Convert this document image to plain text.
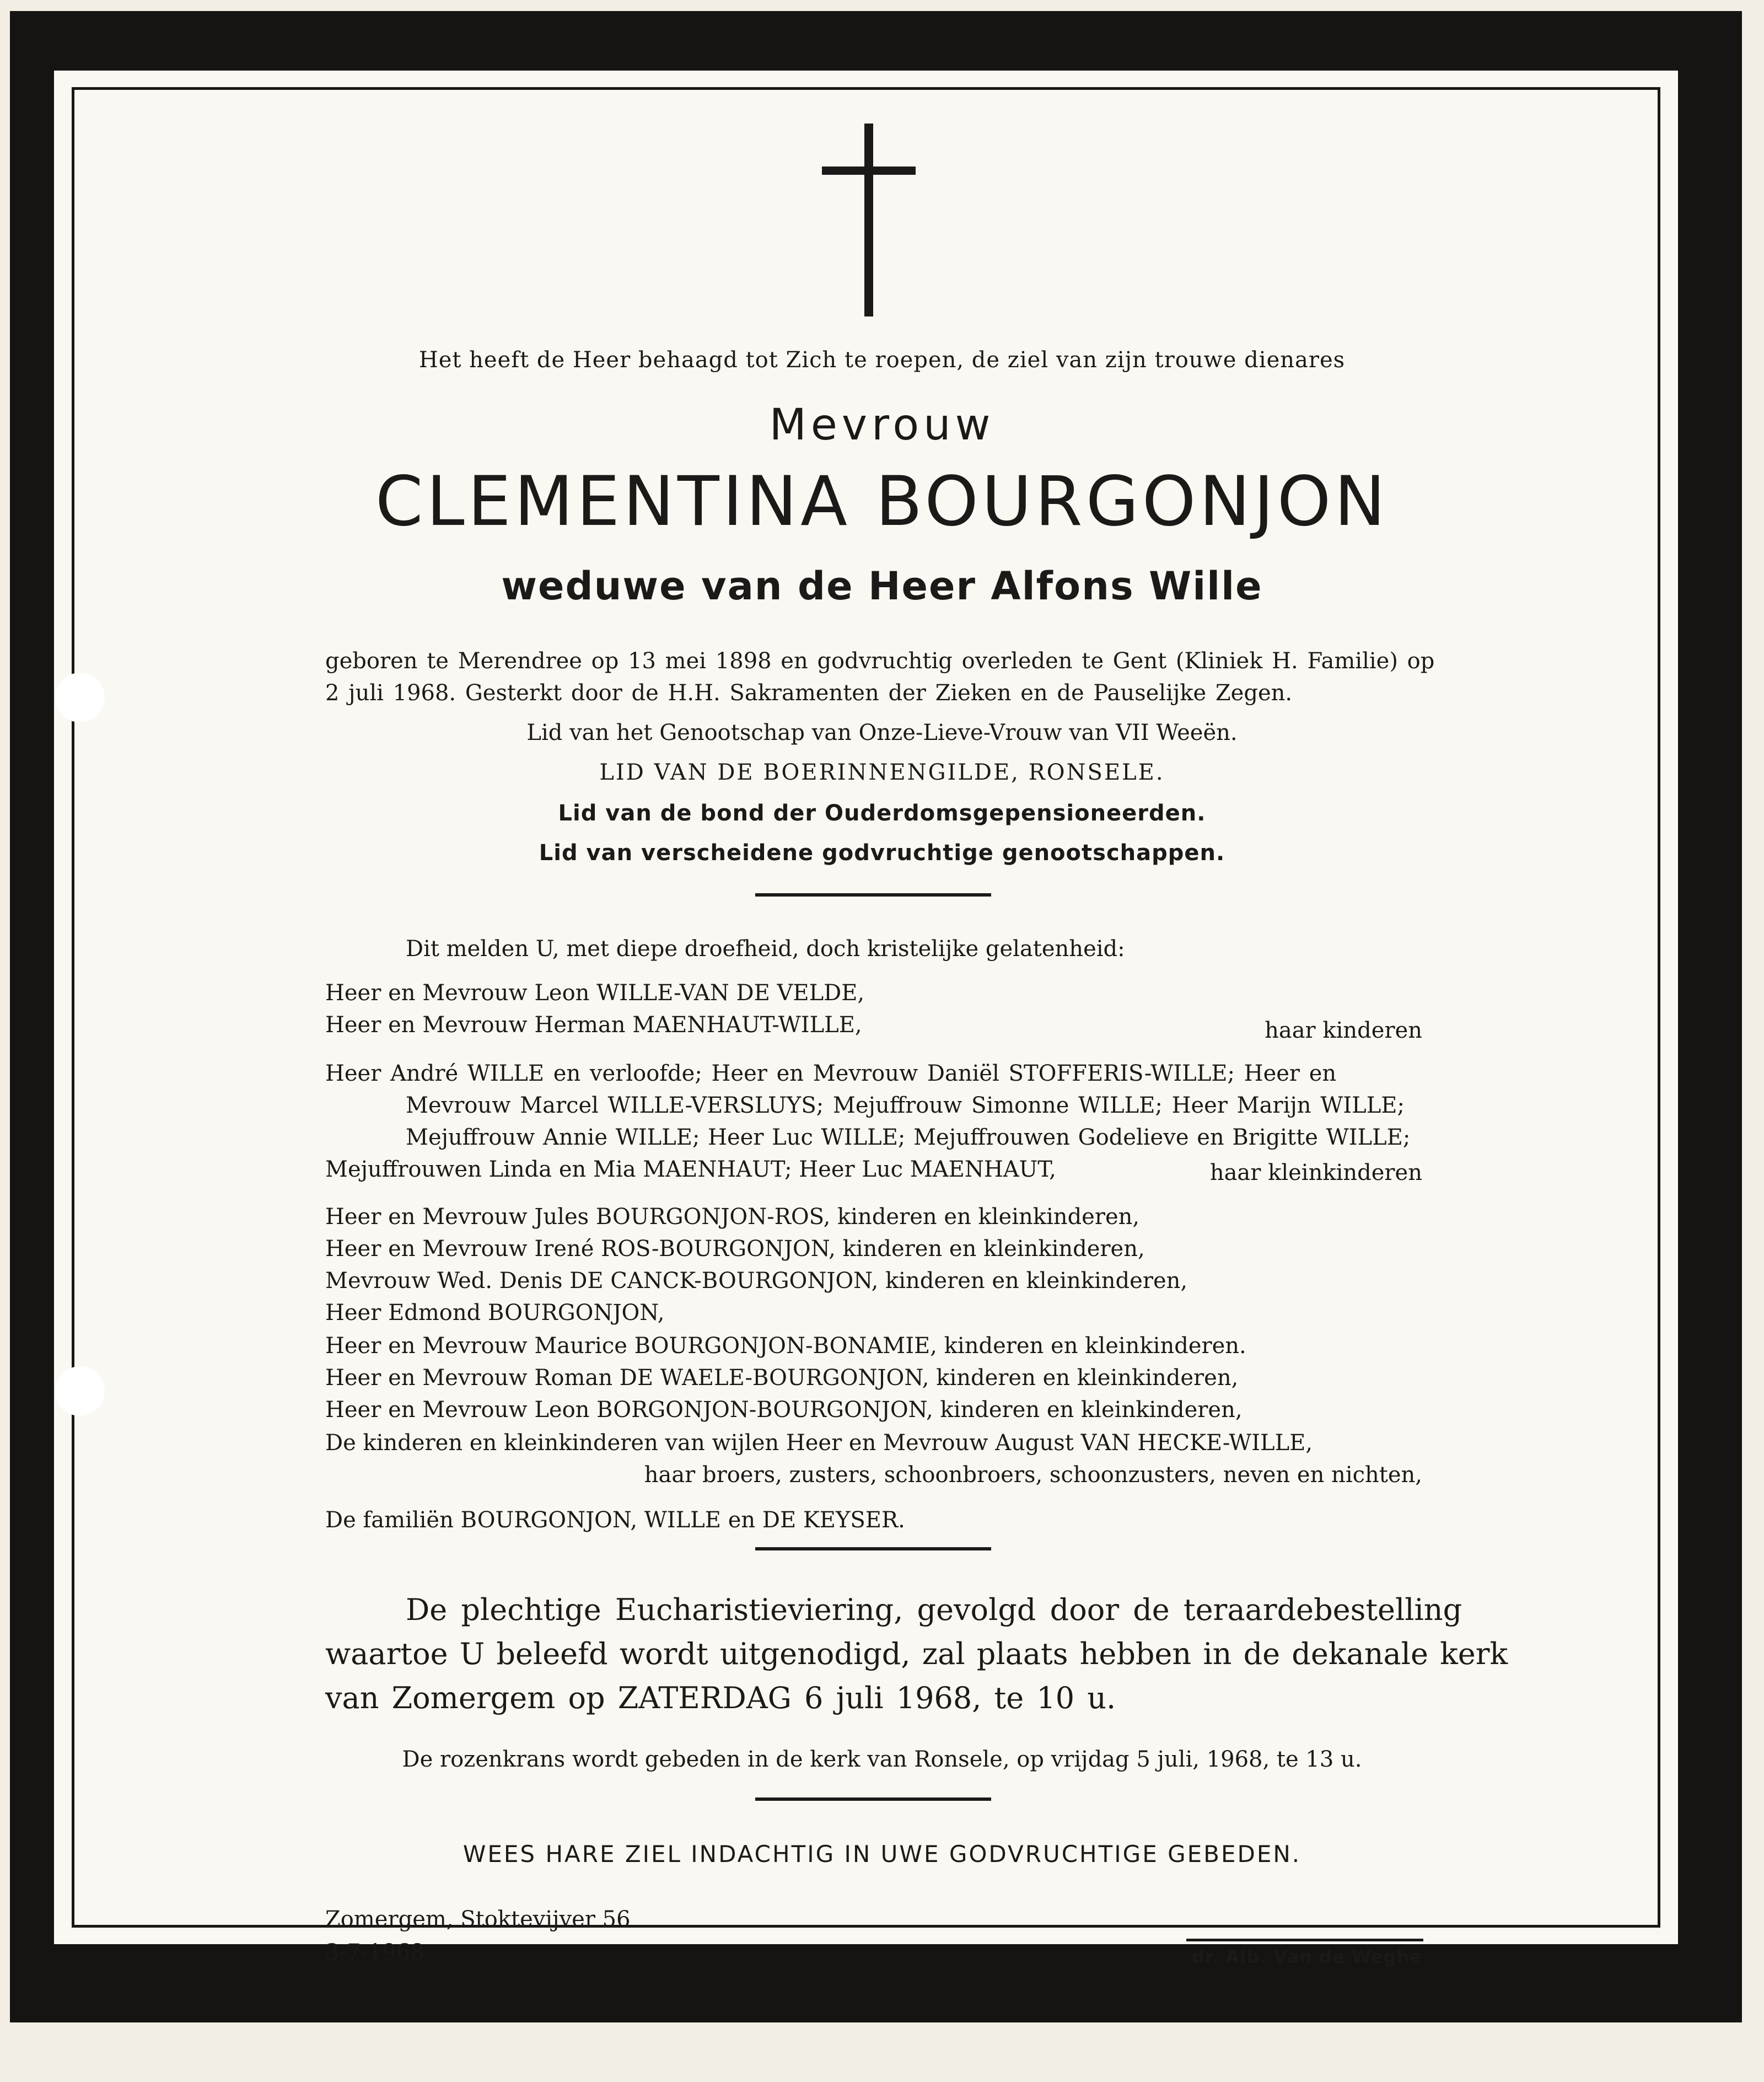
Het heeft de Heer behaagd tot Zich te roepen, de ziel van zijn trouwe dienares
Mevrouw
CLEMENTINA BOURGONJON
weduwe van de Heer Alfons Wille
geboren te Merendree op 13 mei 1898 en godvruchtig overleden te Gent (Kliniek H. Familie) op
2 juli 1968. Gesterkt door de H.H. Sakramenten der Zieken en de Pauselijke Zegen.
Lid van het Genootschap van Onze-Lieve-Vrouw van VII Weeën.
LID VAN DE BOERINNENGILDE, RONSELE.
Lid van de bond der Ouderdomsgepensioneerden.
Lid van verscheidene godvruchtige genootschappen.
Dit melden U, met diepe droefheid, doch kristelijke gelatenheid:
Heer en Mevrouw Leon WILLE-VAN DE VELDE,
Heer en Mevrouw Herman MAENHAUT-WILLE,	haar kinderen
Heer André WILLE en verloofde; Heer en Mevrouw Daniël STOFFERIS-WILLE; Heer en
Mevrouw Marcel WILLE-VERSLUYS; Mejuffrouw Simonne WILLE; Heer Marijn WILLE;
Mejuffrouw Annie WILLE; Heer Luc WILLE; Mejuffrouwen Godelieve en Brigitte WILLE;
Mejuffrouwen Linda en Mia MAENHAUT; Heer Luc MAENHAUT,	haar kleinkinderen
Heer en Mevrouw Jules BOURGONJON-ROS, kinderen en kleinkinderen,
Heer en Mevrouw Irené ROS-BOURGONJON, kinderen en kleinkinderen,
Mevrouw Wed. Denis DE CANCK-BOURGONJON, kinderen en kleinkinderen,
Heer Edmond BOURGONJON,
Heer en Mevrouw Maurice BOURGONJON-BONAMIE, kinderen en kleinkinderen.
Heer en Mevrouw Roman DE WAELE-BOURGONJON, kinderen en kleinkinderen,
Heer en Mevrouw Leon BORGONJON-BOURGONJON, kinderen en kleinkinderen,
De kinderen en kleinkinderen van wijlen Heer en Mevrouw August VAN HECKE-WILLE,
haar broers, zusters, schoonbroers, schoonzusters, neven en nichten,
De familiën BOURGONJON, WILLE en DE KEYSER.
De plechtige Eucharistieviering, gevolgd door de teraardebestelling
waartoe U beleefd wordt uitgenodigd, zal plaats hebben in de dekanale kerk
van Zomergem op ZATERDAG 6 juli 1968, te 10 u.
De rozenkrans wordt gebeden in de kerk van Ronsele, op vrijdag 5 juli, 1968, te 13 u.
WEES HARE ZIEL INDACHTIG IN UWE GODVRUCHTIGE GEBEDEN.
Zomergem, Stoktevijver 56
3-7-1968	dr. Alb. Van de Weghe
